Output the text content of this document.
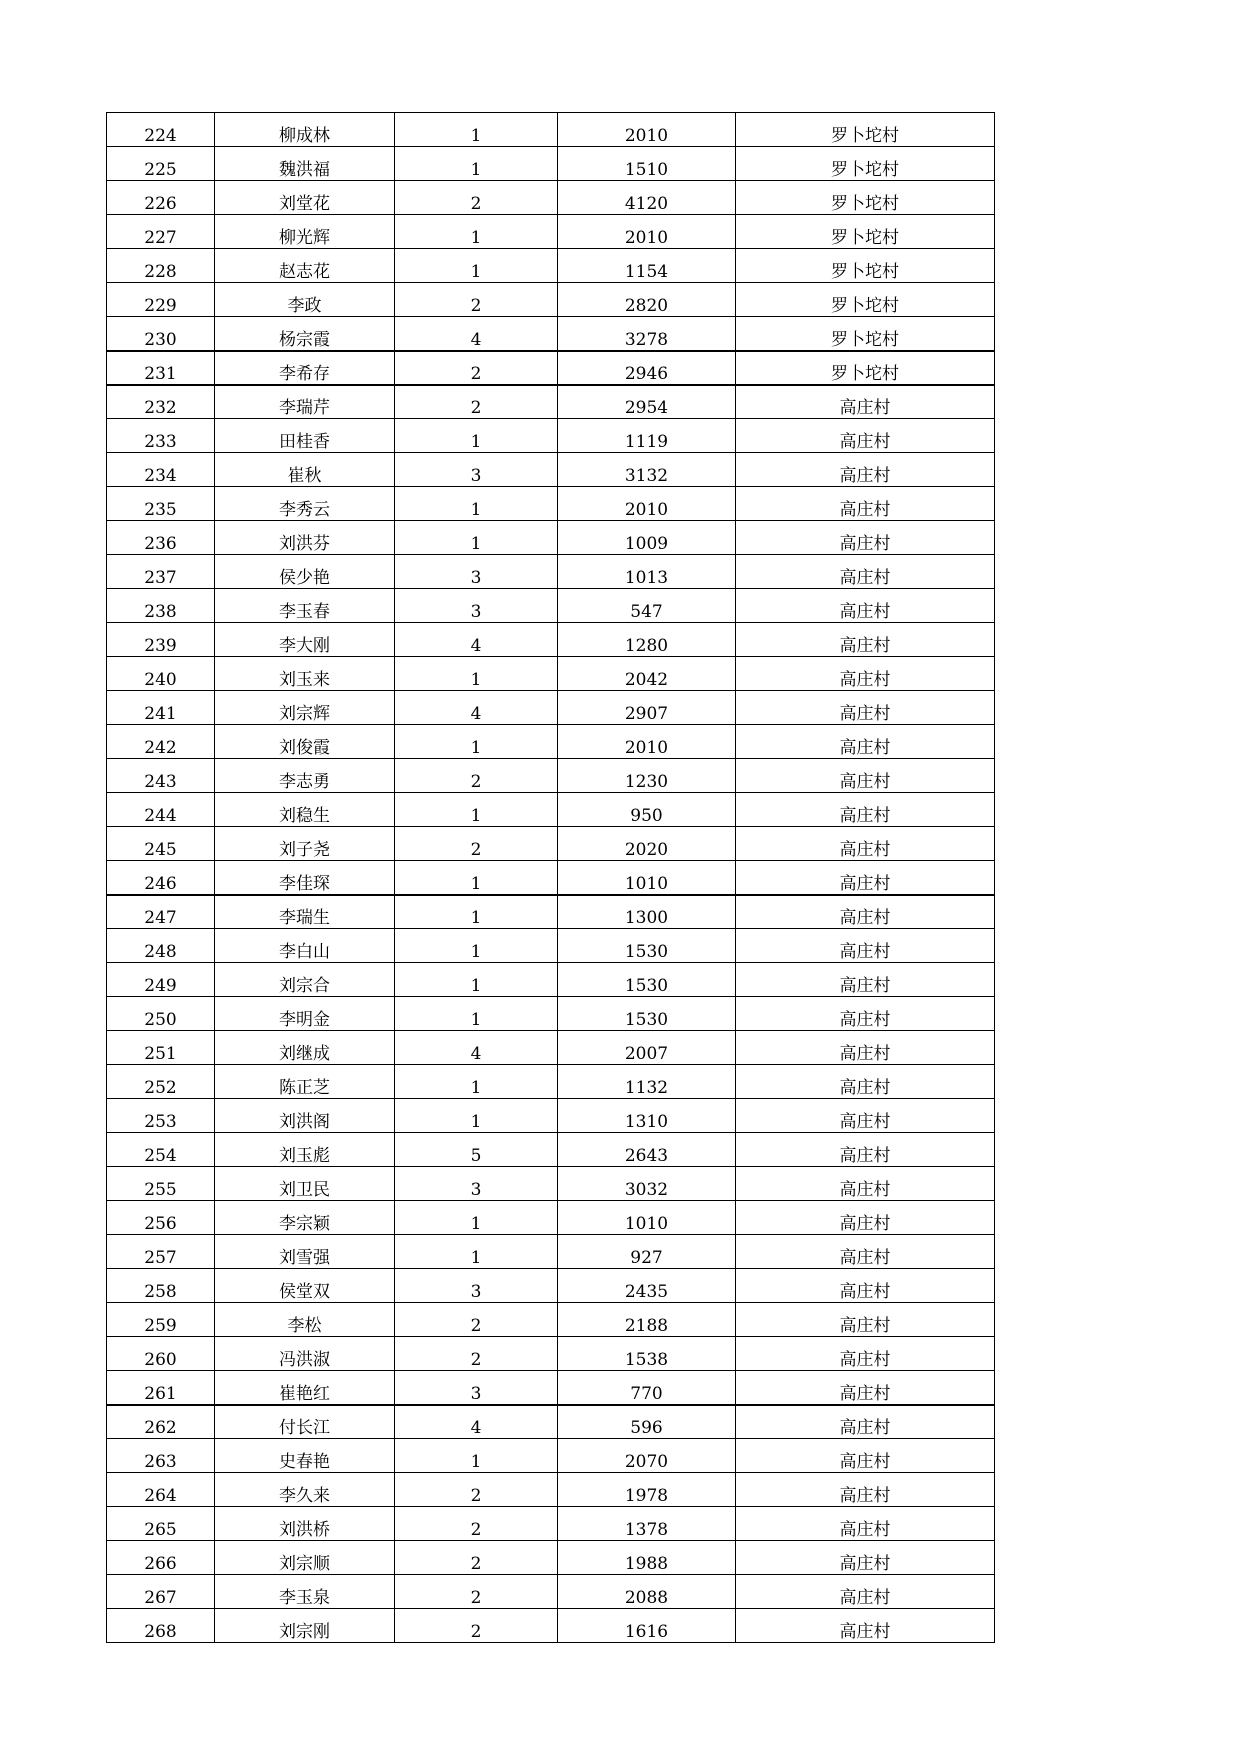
224	柳成林	1	2010	罗卜坨村
225	魏洪福	1	1510	罗卜坨村
226	刘堂花	2	4120	罗卜坨村
227	柳光辉	1	2010	罗卜坨村
228	赵志花	1	1154	罗卜坨村
229	李政	2	2820	罗卜坨村
230	杨宗霞	4	3278	罗卜坨村
231	李希存	2	2946	罗卜坨村
232	李瑞芹	2	2954	高庄村
233	田桂香	1	1119	高庄村
234	崔秋	3	3132	高庄村
235	李秀云	1	2010	高庄村
236	刘洪芬	1	1009	高庄村
237	侯少艳	3	1013	高庄村
238	李玉春	3	547	高庄村
239	李大刚	4	1280	高庄村
240	刘玉来	1	2042	高庄村
241	刘宗辉	4	2907	高庄村
242	刘俊霞	1	2010	高庄村
243	李志勇	2	1230	高庄村
244	刘稳生	1	950	高庄村
245	刘子尧	2	2020	高庄村
246	李佳琛	1	1010	高庄村
247	李瑞生	1	1300	高庄村
248	李白山	1	1530	高庄村
249	刘宗合	1	1530	高庄村
250	李明金	1	1530	高庄村
251	刘继成	4	2007	高庄村
252	陈正芝	1	1132	高庄村
253	刘洪阁	1	1310	高庄村
254	刘玉彪	5	2643	高庄村
255	刘卫民	3	3032	高庄村
256	李宗颖	1	1010	高庄村
257	刘雪强	1	927	高庄村
258	侯堂双	3	2435	高庄村
259	李松	2	2188	高庄村
260	冯洪淑	2	1538	高庄村
261	崔艳红	3	770	高庄村
262	付长江	4	596	高庄村
263	史春艳	1	2070	高庄村
264	李久来	2	1978	高庄村
265	刘洪桥	2	1378	高庄村
266	刘宗顺	2	1988	高庄村
267	李玉泉	2	2088	高庄村
268	刘宗刚	2	1616	高庄村
